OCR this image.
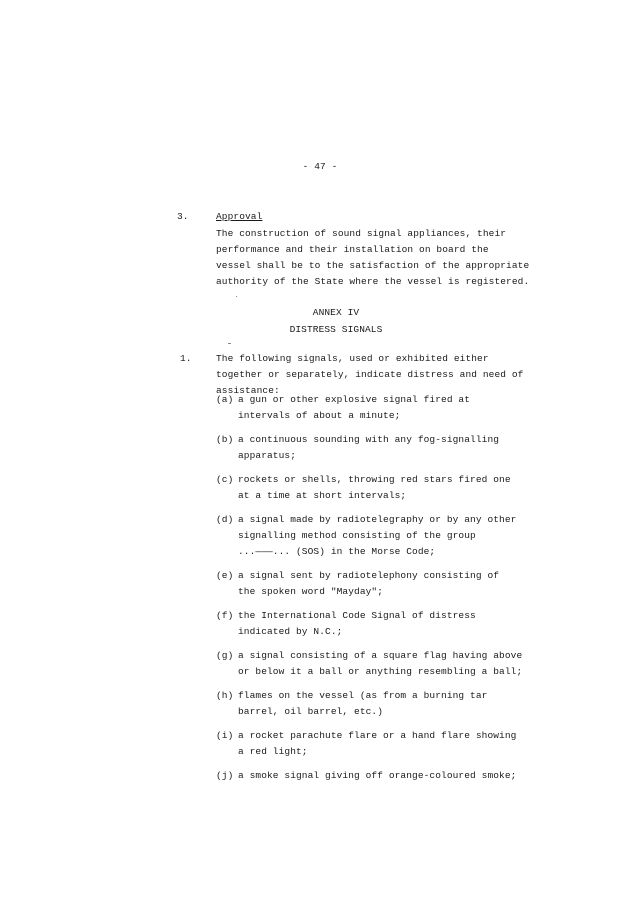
- 47 -
3.	Approval
The construction of sound signal appliances, their
performance and their installation on board the
vessel shall be to the satisfaction of the appropriate
authority of the State where the vessel is registered.
ANNEX IV
DISTRESS SIGNALS
1.	The following signals, used or exhibited either
together or separately, indicate distress and need of
assistance:
(a) a gun or other explosive signal fired at
intervals of about a minute;
(b) a continuous sounding with any fog-signalling
apparatus;
(c) rockets or shells, throwing red stars fired one
at a time at short intervals;
(d) a signal made by radiotelegraphy or by any other
signalling method consisting of the group
...———... (SOS) in the Morse Code;
(e) a signal sent by radiotelephony consisting of
the spoken word "Mayday";
(f) the International Code Signal of distress
indicated by N.C.;
(g) a signal consisting of a square flag having above
or below it a ball or anything resembling a ball;
(h) flames on the vessel (as from a burning tar
barrel, oil barrel, etc.)
(i) a rocket parachute flare or a hand flare showing
a red light;
(j) a smoke signal giving off orange-coloured smoke;
